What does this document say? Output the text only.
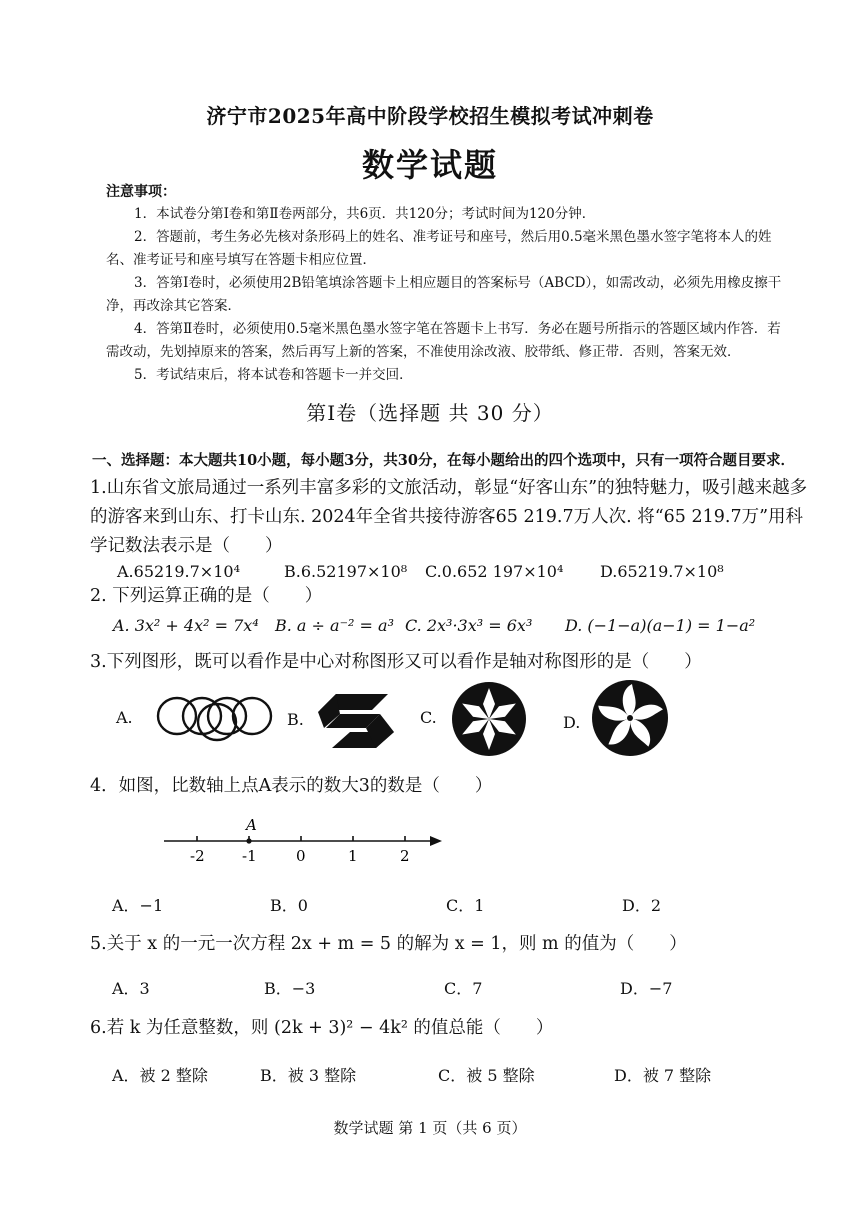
济宁市2025年高中阶段学校招生模拟考试冲刺卷
数学试题
注意事项：

1．本试卷分第Ⅰ卷和第Ⅱ卷两部分，共6页．共120分；考试时间为120分钟．

2．答题前，考生务必先核对条形码上的姓名、准考证号和座号，然后用0.5毫米黑色墨水签字笔将本人的姓名、准考证号和座号填写在答题卡相应位置．

3．答第Ⅰ卷时，必须使用2B铅笔填涂答题卡上相应题目的答案标号（ABCD），如需改动，必须先用橡皮擦干净，再改涂其它答案．

4．答第Ⅱ卷时，必须使用0.5毫米黑色墨水签字笔在答题卡上书写．务必在题号所指示的答题区域内作答．若需改动，先划掉原来的答案，然后再写上新的答案，不准使用涂改液、胶带纸、修正带．否则，答案无效．

5．考试结束后，将本试卷和答题卡一并交回．

第Ⅰ卷（选择题 共 30 分）
一、选择题：本大题共10小题，每小题3分，共30分，在每小题给出的四个选项中，只有一项符合题目要求．
1.山东省文旅局通过一系列丰富多彩的文旅活动，彰显“好客山东”的独特魅力，吸引越来越多的游客来到山东、打卡山东. 2024年全省共接待游客65 219.7万人次. 将“65 219.7万”用科学记数法表示是（　　）
A.65219.7×10⁴	B.6.52197×10⁸ C.0.652 197×10⁴ D.65219.7×10⁸
2. 下列运算正确的是（　　）
A. 3x² + 4x² = 7x⁴ B. a ÷ a⁻² = a³ C. 2x³·3x³ = 6x³ D. (−1−a)(a−1) = 1−a²
3.下列图形，既可以看作是中心对称图形又可以看作是轴对称图形的是（　　）
A.	B.	C.	D.
4．如图，比数轴上点A表示的数大3的数是（　　）
A
-2 -1	0	1	2
A．−1	B．0	C．1	D．2
5.关于 x 的一元一次方程 2x + m = 5 的解为 x = 1，则 m 的值为（　　）
A．3	B．−3	C．7	D．−7
6.若 k 为任意整数，则 (2k + 3)² − 4k² 的值总能（　　）
A．被 2 整除	B．被 3 整除	C．被 5 整除	D．被 7 整除
数学试题 第 1 页（共 6 页）
